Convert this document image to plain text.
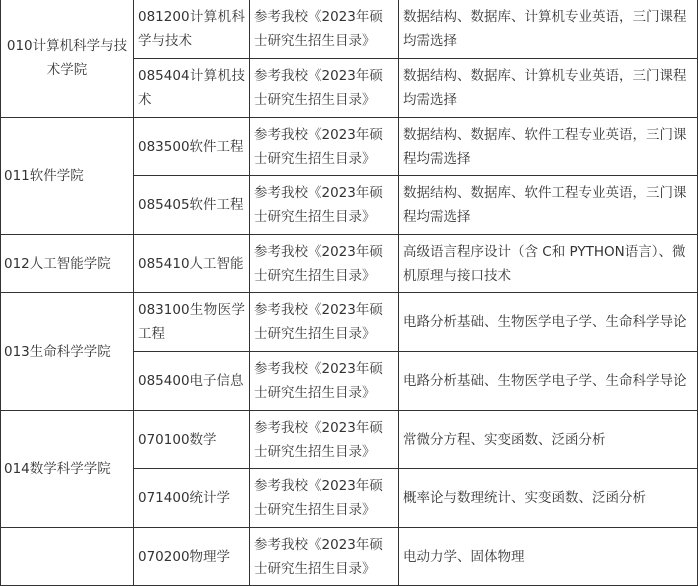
010计算机科学与技术学院	081200计算机科学与技术	参考我校《2023年硕士研究生招生目录》	数据结构、数据库、计算机专业英语，三门课程均需选择
	085404计算机技术	参考我校《2023年硕士研究生招生目录》	数据结构、数据库、计算机专业英语，三门课程均需选择
011软件学院	083500软件工程	参考我校《2023年硕士研究生招生目录》	数据结构、数据库、软件工程专业英语，三门课程均需选择
	085405软件工程	参考我校《2023年硕士研究生招生目录》	数据结构、数据库、软件工程专业英语，三门课程均需选择
012人工智能学院	085410人工智能	参考我校《2023年硕士研究生招生目录》	高级语言程序设计（含 C和 PYTHON语言）、微机原理与接口技术
013生命科学学院	083100生物医学工程	参考我校《2023年硕士研究生招生目录》	电路分析基础、生物医学电子学、生命科学导论
	085400电子信息	参考我校《2023年硕士研究生招生目录》	电路分析基础、生物医学电子学、生命科学导论
014数学科学学院	070100数学	参考我校《2023年硕士研究生招生目录》	常微分方程、实变函数、泛函分析
	071400统计学	参考我校《2023年硕士研究生招生目录》	概率论与数理统计、实变函数、泛函分析
	070200物理学	参考我校《2023年硕士研究生招生目录》	电动力学、固体物理
